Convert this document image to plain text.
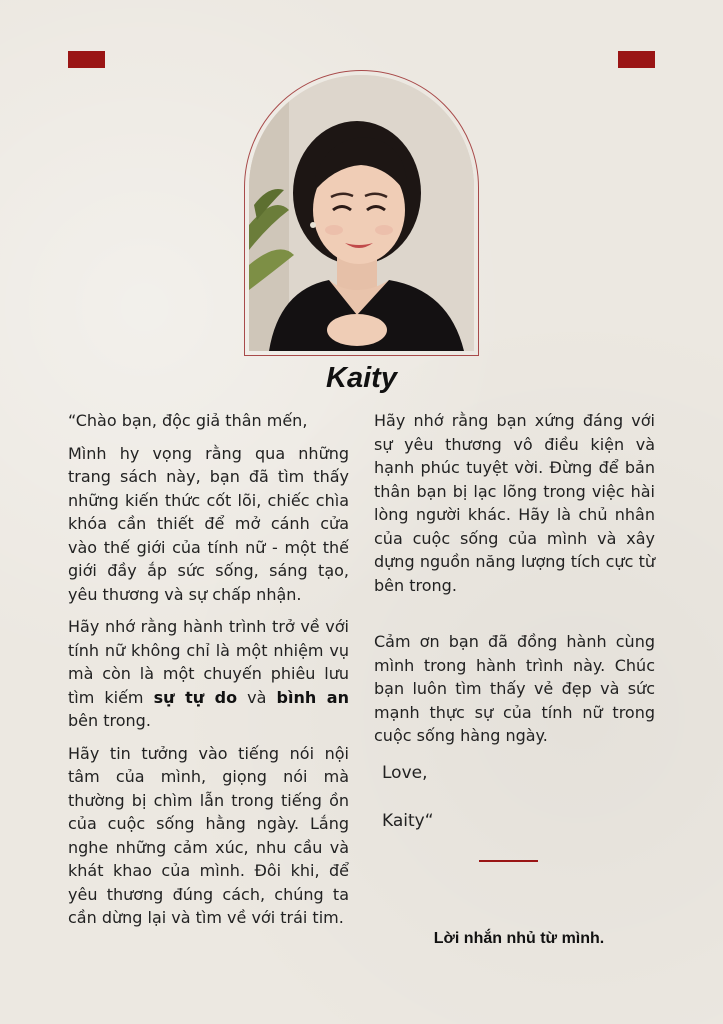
Kaity

“Chào bạn, độc giả thân mến,

Mình hy vọng rằng qua những trang sách này, bạn đã tìm thấy những kiến thức cốt lõi, chiếc chìa khóa cần thiết để mở cánh cửa vào thế giới của tính nữ - một thế giới đầy ắp sức sống, sáng tạo, yêu thương và sự chấp nhận.

Hãy nhớ rằng hành trình trở về với tính nữ không chỉ là một nhiệm vụ mà còn là một chuyến phiêu lưu tìm kiếm sự tự do và bình an bên trong.

Hãy tin tưởng vào tiếng nói nội tâm của mình, giọng nói mà thường bị chìm lẫn trong tiếng ồn của cuộc sống hằng ngày. Lắng nghe những cảm xúc, nhu cầu và khát khao của mình. Đôi khi, để yêu thương đúng cách, chúng ta cần dừng lại và tìm về với trái tim.

Hãy nhớ rằng bạn xứng đáng với sự yêu thương vô điều kiện và hạnh phúc tuyệt vời. Đừng để bản thân bạn bị lạc lõng trong việc hài lòng người khác. Hãy là chủ nhân của cuộc sống của mình và xây dựng nguồn năng lượng tích cực từ bên trong.

Cảm ơn bạn đã đồng hành cùng mình trong hành trình này. Chúc bạn luôn tìm thấy vẻ đẹp và sức mạnh thực sự của tính nữ trong cuộc sống hàng ngày.

Love,
Kaity“
Lời nhắn nhủ từ mình.
